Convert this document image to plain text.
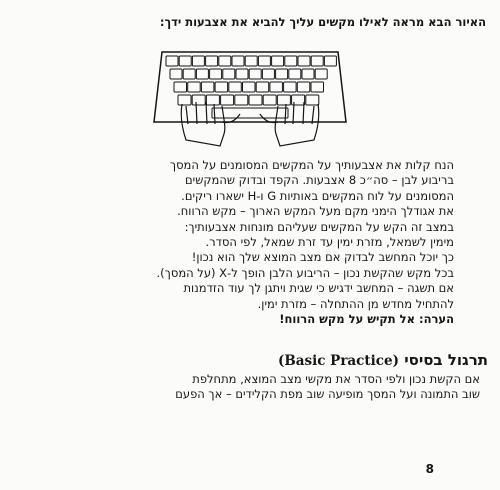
האיור הבא מראה לאילו מקשים עליך להביא את אצבעות ידך:

הנח קלות את אצבעותיך על המקשים המסומנים על המסך

בריבוע לבן – סה״כ 8 אצבעות. הקפד ובדוק שהמקשים

המסומנים על לוח המקשים באותיות G ו-H ישארו ריקים.

את אגודלך הימני מקם מעל המקש הארוך – מקש הרווח.

במצב זה הקש על המקשים שעליהם מונחות אצבעותיך:

מימין לשמאל, מזרת ימין עד זרת שמאל, לפי הסדר.

כך יוכל המחשב לבדוק אם מצב המוצא שלך הוא נכון!

בכל מקש שהקשת נכון – הריבוע הלבן הופך ל-X (על המסך).

אם תשגה – המחשב ידגיש כי שגית ויתגן לך עוד הזדמנות

להתחיל מחדש מן ההתחלה – מזרת ימין.

הערה: אל תקיש על מקש הרווח!

תרגול בסיסי (Basic Practice)

אם הקשת נכון ולפי הסדר את מקשי מצב המוצא, מתחלפת

שוב התמונה ועל המסך מופיעה שוב מפת הקלידים – אך הפעם

8
